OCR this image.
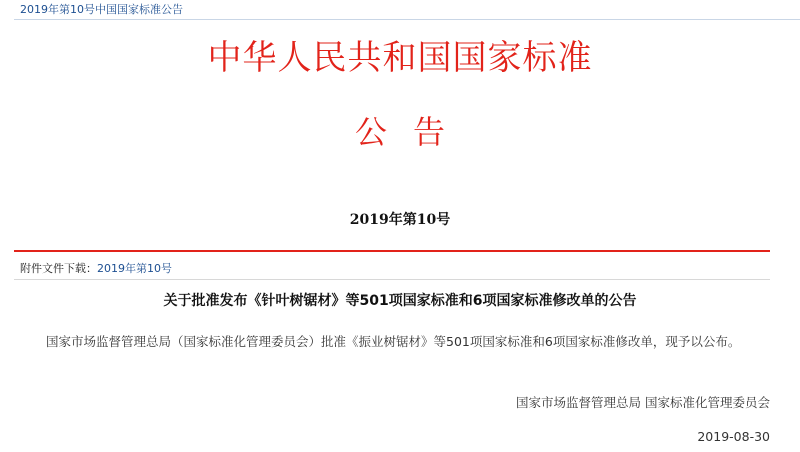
2019年第10号中国国家标准公告
中华人民共和国国家标准
公告
2019年第10号
附件文件下载：2019年第10号
关于批准发布《针叶树锯材》等501项国家标准和6项国家标准修改单的公告
国家市场监督管理总局（国家标准化管理委员会）批准《振业树锯材》等501项国家标准和6项国家标准修改单，现予以公布。
国家市场监督管理总局 国家标准化管理委员会
2019-08-30
